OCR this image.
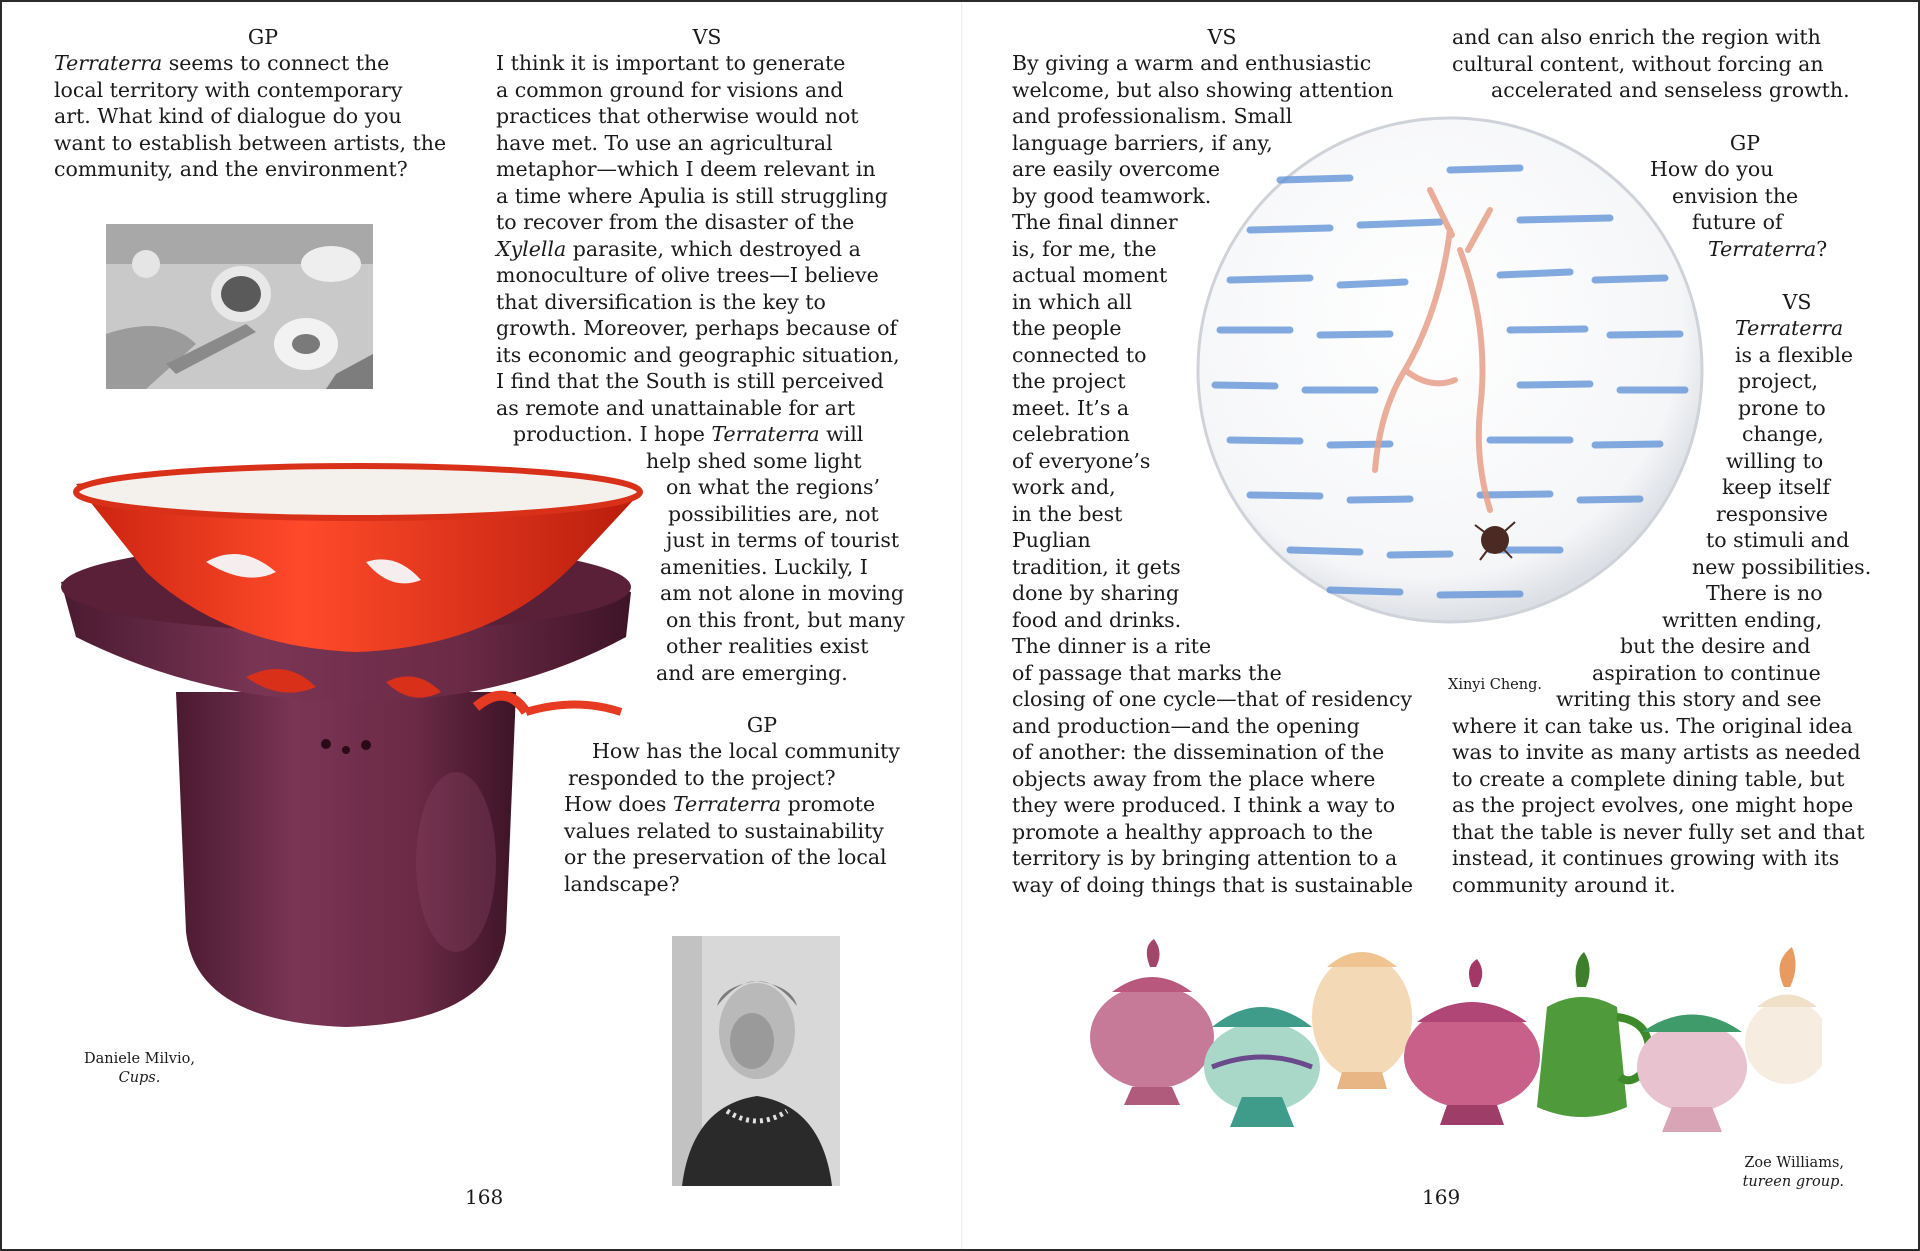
GP
Terraterra seems to connect the
local territory with contemporary
art. What kind of dialogue do you
want to establish between artists, the
community, and the environment?
I think it is important to generate
a common ground for visions and
practices that otherwise would not
have met. To use an agricultural
metaphor—which I deem relevant in
a time where Apulia is still struggling
to recover from the disaster of the
Xylella parasite, which destroyed a
monoculture of olive trees—I believe
that diversification is the key to
growth. Moreover, perhaps because of
its economic and geographic situation,
I find that the South is still perceived
as remote and unattainable for art
production. I hope Terraterra will
help shed some light
on what the regions’
possibilities are, not
just in terms of tourist
amenities. Luckily, I
am not alone in moving
on this front, but many
other realities exist
and are emerging.
VS
GP
How has the local community
responded to the project?
How does Terraterra promote
values related to sustainability
or the preservation of the local
landscape?
Daniele Milvio,
Cups.
168
VS
By giving a warm and enthusiastic
welcome, but also showing attention
and professionalism. Small
language barriers, if any,
are easily overcome
by good teamwork.
The final dinner
is, for me, the
actual moment
in which all
the people
connected to
the project
meet. It’s a
celebration
of everyone’s
work and,
in the best
Puglian
tradition, it gets
done by sharing
food and drinks.
The dinner is a rite
of passage that marks the
closing of one cycle—that of residency
and production—and the opening
of another: the dissemination of the
objects away from the place where
they were produced. I think a way to
promote a healthy approach to the
territory is by bringing attention to a
way of doing things that is sustainable
and can also enrich the region with
cultural content, without forcing an
accelerated and senseless growth.
GP
How do you
envision the
future of
Terraterra?
VS
Terraterra
is a flexible
project,
prone to
change,
willing to
keep itself
responsive
to stimuli and
new possibilities.
There is no
written ending,
but the desire and
aspiration to continue
writing this story and see
where it can take us. The original idea
was to invite as many artists as needed
to create a complete dining table, but
as the project evolves, one might hope
that the table is never fully set and that
instead, it continues growing with its
community around it.
Xinyi Cheng.
Zoe Williams,
tureen group.
169
